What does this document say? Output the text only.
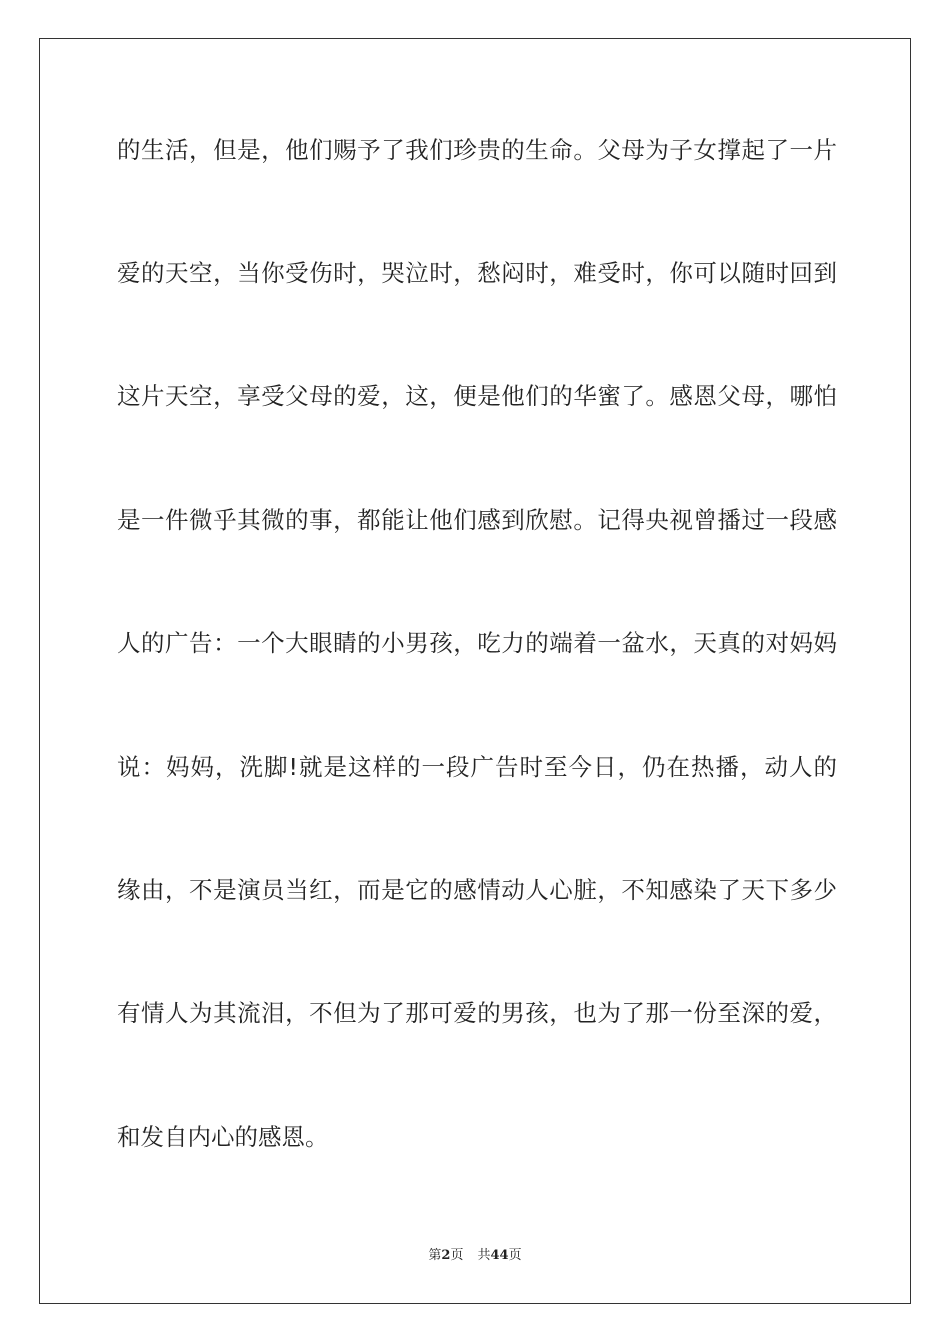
的生活，但是，他们赐予了我们珍贵的生命。父母为子女撑起了一片
爱的天空，当你受伤时，哭泣时，愁闷时，难受时，你可以随时回到
这片天空，享受父母的爱，这，便是他们的华蜜了。感恩父母，哪怕
是一件微乎其微的事，都能让他们感到欣慰。记得央视曾播过一段感
人的广告：一个大眼睛的小男孩，吃力的端着一盆水，天真的对妈妈
说：妈妈，洗脚!就是这样的一段广告时至今日，仍在热播，动人的
缘由，不是演员当红，而是它的感情动人心脏，不知感染了天下多少
有情人为其流泪，不但为了那可爱的男孩，也为了那一份至深的爱，
和发自内心的感恩。
第2页 共44页
